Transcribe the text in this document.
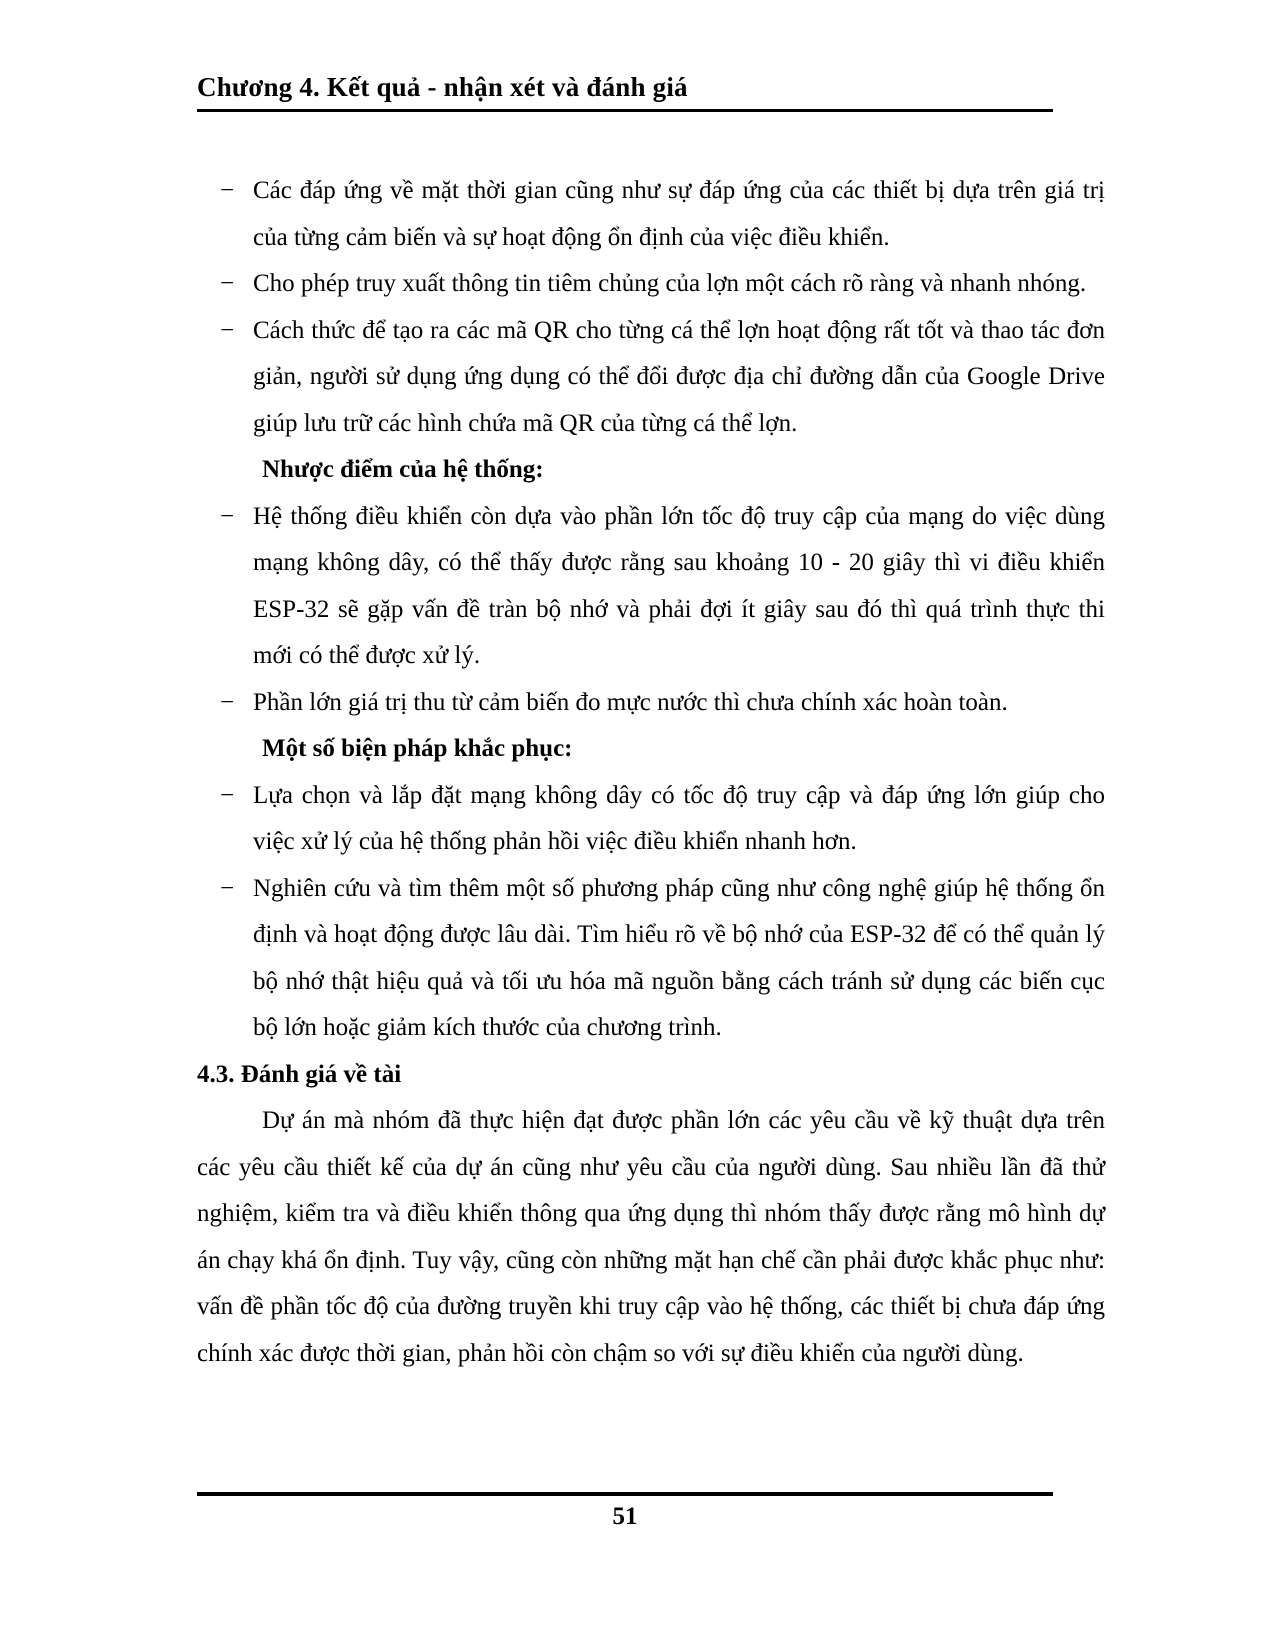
Chương 4. Kết quả - nhận xét và đánh giá
− Các đáp ứng về mặt thời gian cũng như sự đáp ứng của các thiết bị dựa trên giá trị của từng cảm biến và sự hoạt động ổn định của việc điều khiển.
− Cho phép truy xuất thông tin tiêm chủng của lợn một cách rõ ràng và nhanh nhóng.
− Cách thức để tạo ra các mã QR cho từng cá thể lợn hoạt động rất tốt và thao tác đơn giản, người sử dụng ứng dụng có thể đổi được địa chỉ đường dẫn của Google Drive giúp lưu trữ các hình chứa mã QR của từng cá thể lợn.
Nhược điểm của hệ thống:
− Hệ thống điều khiển còn dựa vào phần lớn tốc độ truy cập của mạng do việc dùng mạng không dây, có thể thấy được rằng sau khoảng 10 - 20 giây thì vi điều khiển ESP-32 sẽ gặp vấn đề tràn bộ nhớ và phải đợi ít giây sau đó thì quá trình thực thi mới có thể được xử lý.
− Phần lớn giá trị thu từ cảm biến đo mực nước thì chưa chính xác hoàn toàn.
Một số biện pháp khắc phục:
− Lựa chọn và lắp đặt mạng không dây có tốc độ truy cập và đáp ứng lớn giúp cho việc xử lý của hệ thống phản hồi việc điều khiển nhanh hơn.
− Nghiên cứu và tìm thêm một số phương pháp cũng như công nghệ giúp hệ thống ổn định và hoạt động được lâu dài. Tìm hiểu rõ về bộ nhớ của ESP-32 để có thể quản lý bộ nhớ thật hiệu quả và tối ưu hóa mã nguồn bằng cách tránh sử dụng các biến cục bộ lớn hoặc giảm kích thước của chương trình.
4.3. Đánh giá về tài

Dự án mà nhóm đã thực hiện đạt được phần lớn các yêu cầu về kỹ thuật dựa trên các yêu cầu thiết kế của dự án cũng như yêu cầu của người dùng. Sau nhiều lần đã thử nghiệm, kiểm tra và điều khiển thông qua ứng dụng thì nhóm thấy được rằng mô hình dự án chạy khá ổn định. Tuy vậy, cũng còn những mặt hạn chế cần phải được khắc phục như: vấn đề phần tốc độ của đường truyền khi truy cập vào hệ thống, các thiết bị chưa đáp ứng chính xác được thời gian, phản hồi còn chậm so với sự điều khiển của người dùng.

51
